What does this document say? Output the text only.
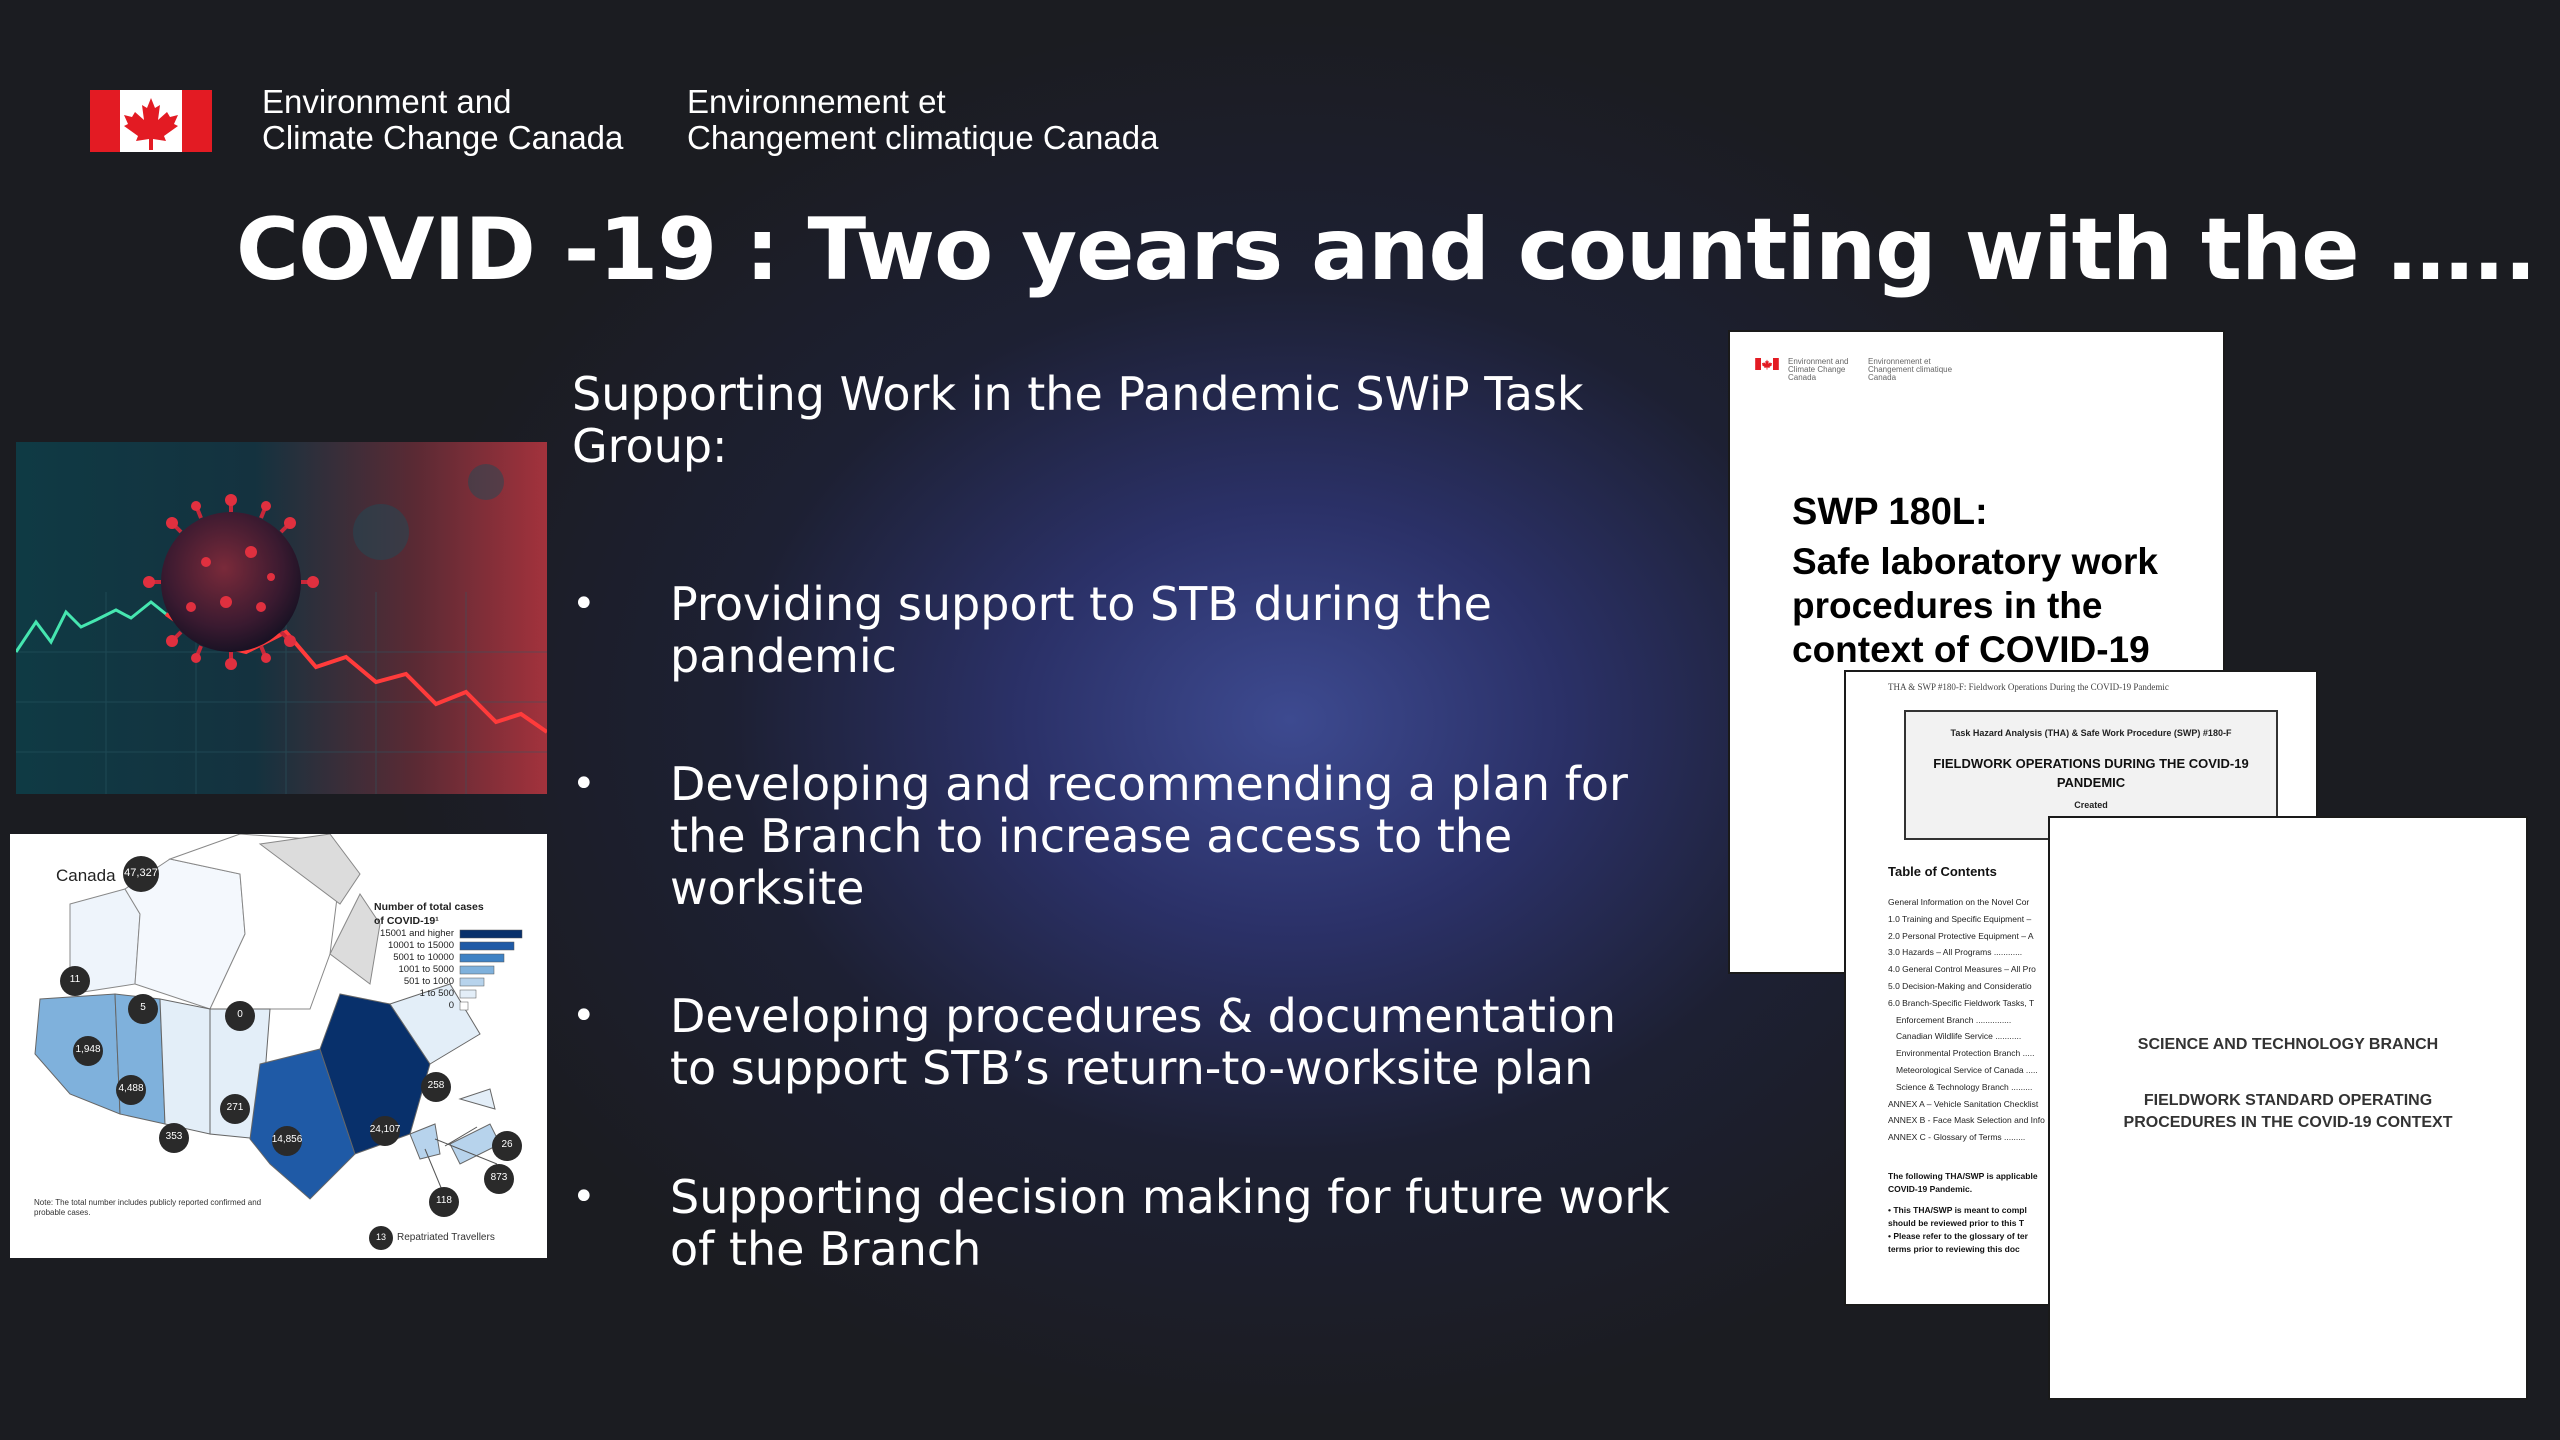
Environment and
Climate Change Canada
Environnement et
Changement climatique Canada
COVID -19 : Two years and counting with the …..
Supporting Work in the Pandemic SWiP Task Group:
• Providing support to STB during the pandemic
• Developing and recommending a plan for the Branch to increase access to the worksite
• Developing procedures & documentation to support STB’s return-to-worksite plan
• Supporting decision making for future work of the Branch
Canada 47,327
Number of total cases
of COVID-19¹
15001 and higher
10001 to 15000
5001 to 10000
1001 to 5000
501 to 1000
1 to 500
0
11
5
0
1,948
4,488
353
271
14,856
24,107
258
26
873
118
13	Repatriated Travellers
Note: The total number includes publicly reported confirmed and
probable cases.
Environment and Climate Change Canada
Environnement et Changement climatique Canada
SWP 180L:
Safe laboratory work procedures in the context of COVID-19
THA & SWP #180-F: Fieldwork Operations During the COVID-19 Pandemic
Task Hazard Analysis (THA) & Safe Work Procedure (SWP) #180-F
FIELDWORK OPERATIONS DURING THE COVID-19 PANDEMIC
Created
Table of Contents
General Information on the Novel Cor
1.0 Training and Specific Equipment –
2.0 Personal Protective Equipment – A
3.0 Hazards – All Programs ............
4.0 General Control Measures – All Pro
5.0 Decision-Making and Consideratio
6.0 Branch-Specific Fieldwork Tasks, T
Enforcement Branch ...............
Canadian Wildlife Service ...........
Environmental Protection Branch .....
Meteorological Service of Canada .....
Science & Technology Branch .........
ANNEX A – Vehicle Sanitation Checklist
ANNEX B - Face Mask Selection and Info
ANNEX C - Glossary of Terms .........
The following THA/SWP is applicable
COVID-19 Pandemic.
• This THA/SWP is meant to compl
should be reviewed prior to this T
• Please refer to the glossary of ter
terms prior to reviewing this doc
SCIENCE AND TECHNOLOGY BRANCH
FIELDWORK STANDARD OPERATING
PROCEDURES IN THE COVID-19 CONTEXT
